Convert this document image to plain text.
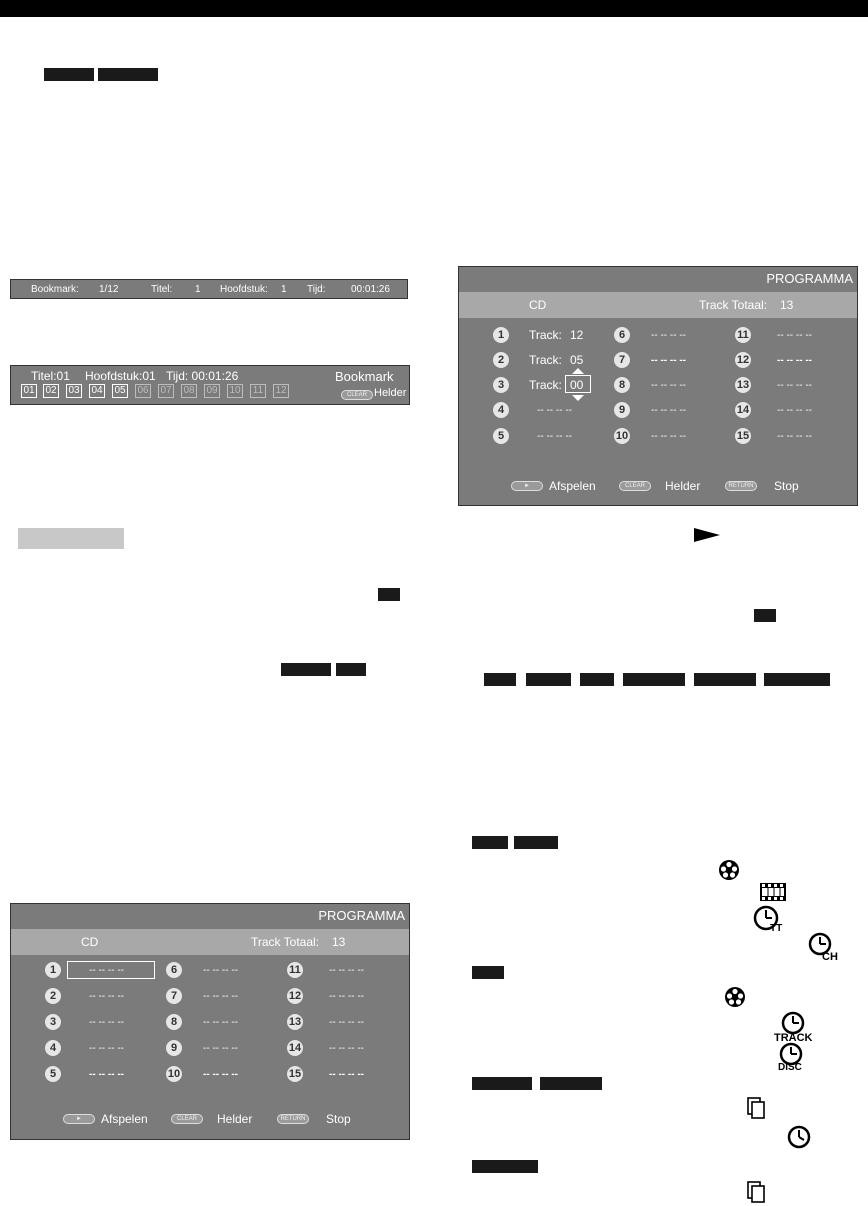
Bookmark: 1/12	Titel: 1 Hoofdstuk: 1 Tijd:	00:01:26
Titel:01 Hoofdstuk:01 Tijd: 00:01:26	Bookmark
01 02 03 04 05 06 07 08 09 10 11 12	CLEAR Helder
PROGRAMMA
CD	Track Totaal: 13
1	-- -- -- --
2	-- -- -- --
3	-- -- -- --
4	-- -- -- --
5	-- -- -- --
6	-- -- -- --
7	-- -- -- --
8	-- -- -- --
9	-- -- -- --
10 -- -- -- --
11	-- -- -- --
12	-- -- -- --
13	-- -- -- --
14	-- -- -- --
15	-- -- -- --
►	Afspelen	CLEAR	Helder	RETURN Stop
PROGRAMMA
CD	Track Totaal: 13
1	Track: 12
2	Track: 05
3	Track: 00
4	-- -- -- --
5	-- -- -- --
6	-- -- -- --
7	-- -- -- --
8	-- -- -- --
9	-- -- -- --
10 -- -- -- --
11	-- -- -- --
12	-- -- -- --
13	-- -- -- --
14	-- -- -- --
15	-- -- -- --
►	Afspelen	CLEAR	Helder	RETURN Stop
TT
CH
TRACK
DISC
